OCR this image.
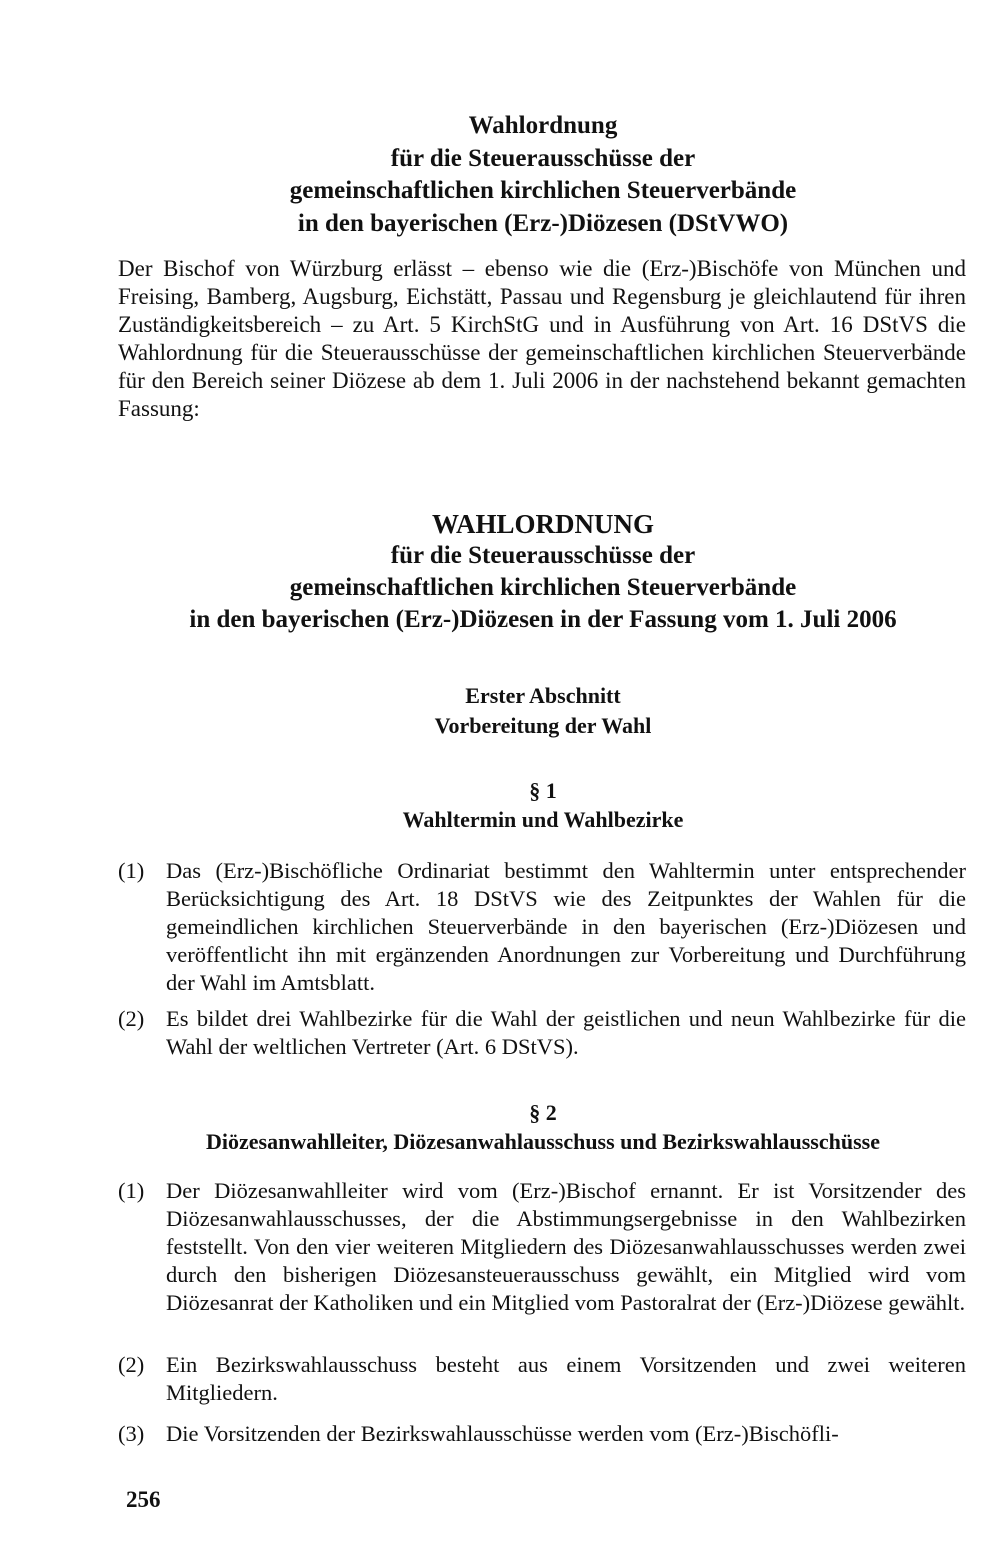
Wahlordnung
für die Steuerausschüsse der
gemeinschaftlichen kirchlichen Steuerverbände
in den bayerischen (Erz-)Diözesen (DStVWO)

Der Bischof von Würzburg erlässt – ebenso wie die (Erz-)Bischöfe von München und Freising, Bamberg, Augsburg, Eichstätt, Passau und Regensburg je gleichlautend für ihren Zuständigkeitsbereich – zu Art. 5 KirchStG und in Ausführung von Art. 16 DStVS die Wahlordnung für die Steuerausschüsse der gemeinschaftlichen kirchlichen Steuerverbände für den Bereich seiner Diözese ab dem 1. Juli 2006 in der nachstehend bekannt gemachten Fassung:

WAHLORDNUNG
für die Steuerausschüsse der
gemeinschaftlichen kirchlichen Steuerverbände
in den bayerischen (Erz-)Diözesen in der Fassung vom 1. Juli 2006
Erster Abschnitt
Vorbereitung der Wahl
§ 1
Wahltermin und Wahlbezirke
(1) Das (Erz-)Bischöfliche Ordinariat bestimmt den Wahltermin unter entsprechender Berücksichtigung des Art. 18 DStVS wie des Zeitpunktes der Wahlen für die gemeindlichen kirchlichen Steuerverbände in den bayerischen (Erz-)Diözesen und veröffentlicht ihn mit ergänzenden Anordnungen zur Vorbereitung und Durchführung der Wahl im Amtsblatt.
(2) Es bildet drei Wahlbezirke für die Wahl der geistlichen und neun Wahlbezirke für die Wahl der weltlichen Vertreter (Art. 6 DStVS).
§ 2
Diözesanwahlleiter, Diözesanwahlausschuss und Bezirkswahlausschüsse
(1) Der Diözesanwahlleiter wird vom (Erz-)Bischof ernannt. Er ist Vorsitzender des Diözesanwahlausschusses, der die Abstimmungsergebnisse in den Wahlbezirken feststellt. Von den vier weiteren Mitgliedern des Diözesanwahlausschusses werden zwei durch den bisherigen Diözesansteuerausschuss gewählt, ein Mitglied wird vom Diözesanrat der Katholiken und ein Mitglied vom Pastoralrat der (Erz-)Diözese gewählt.
(2) Ein Bezirkswahlausschuss besteht aus einem Vorsitzenden und zwei weiteren Mitgliedern.
(3) Die Vorsitzenden der Bezirkswahlausschüsse werden vom (Erz-)Bischöfli-
256
